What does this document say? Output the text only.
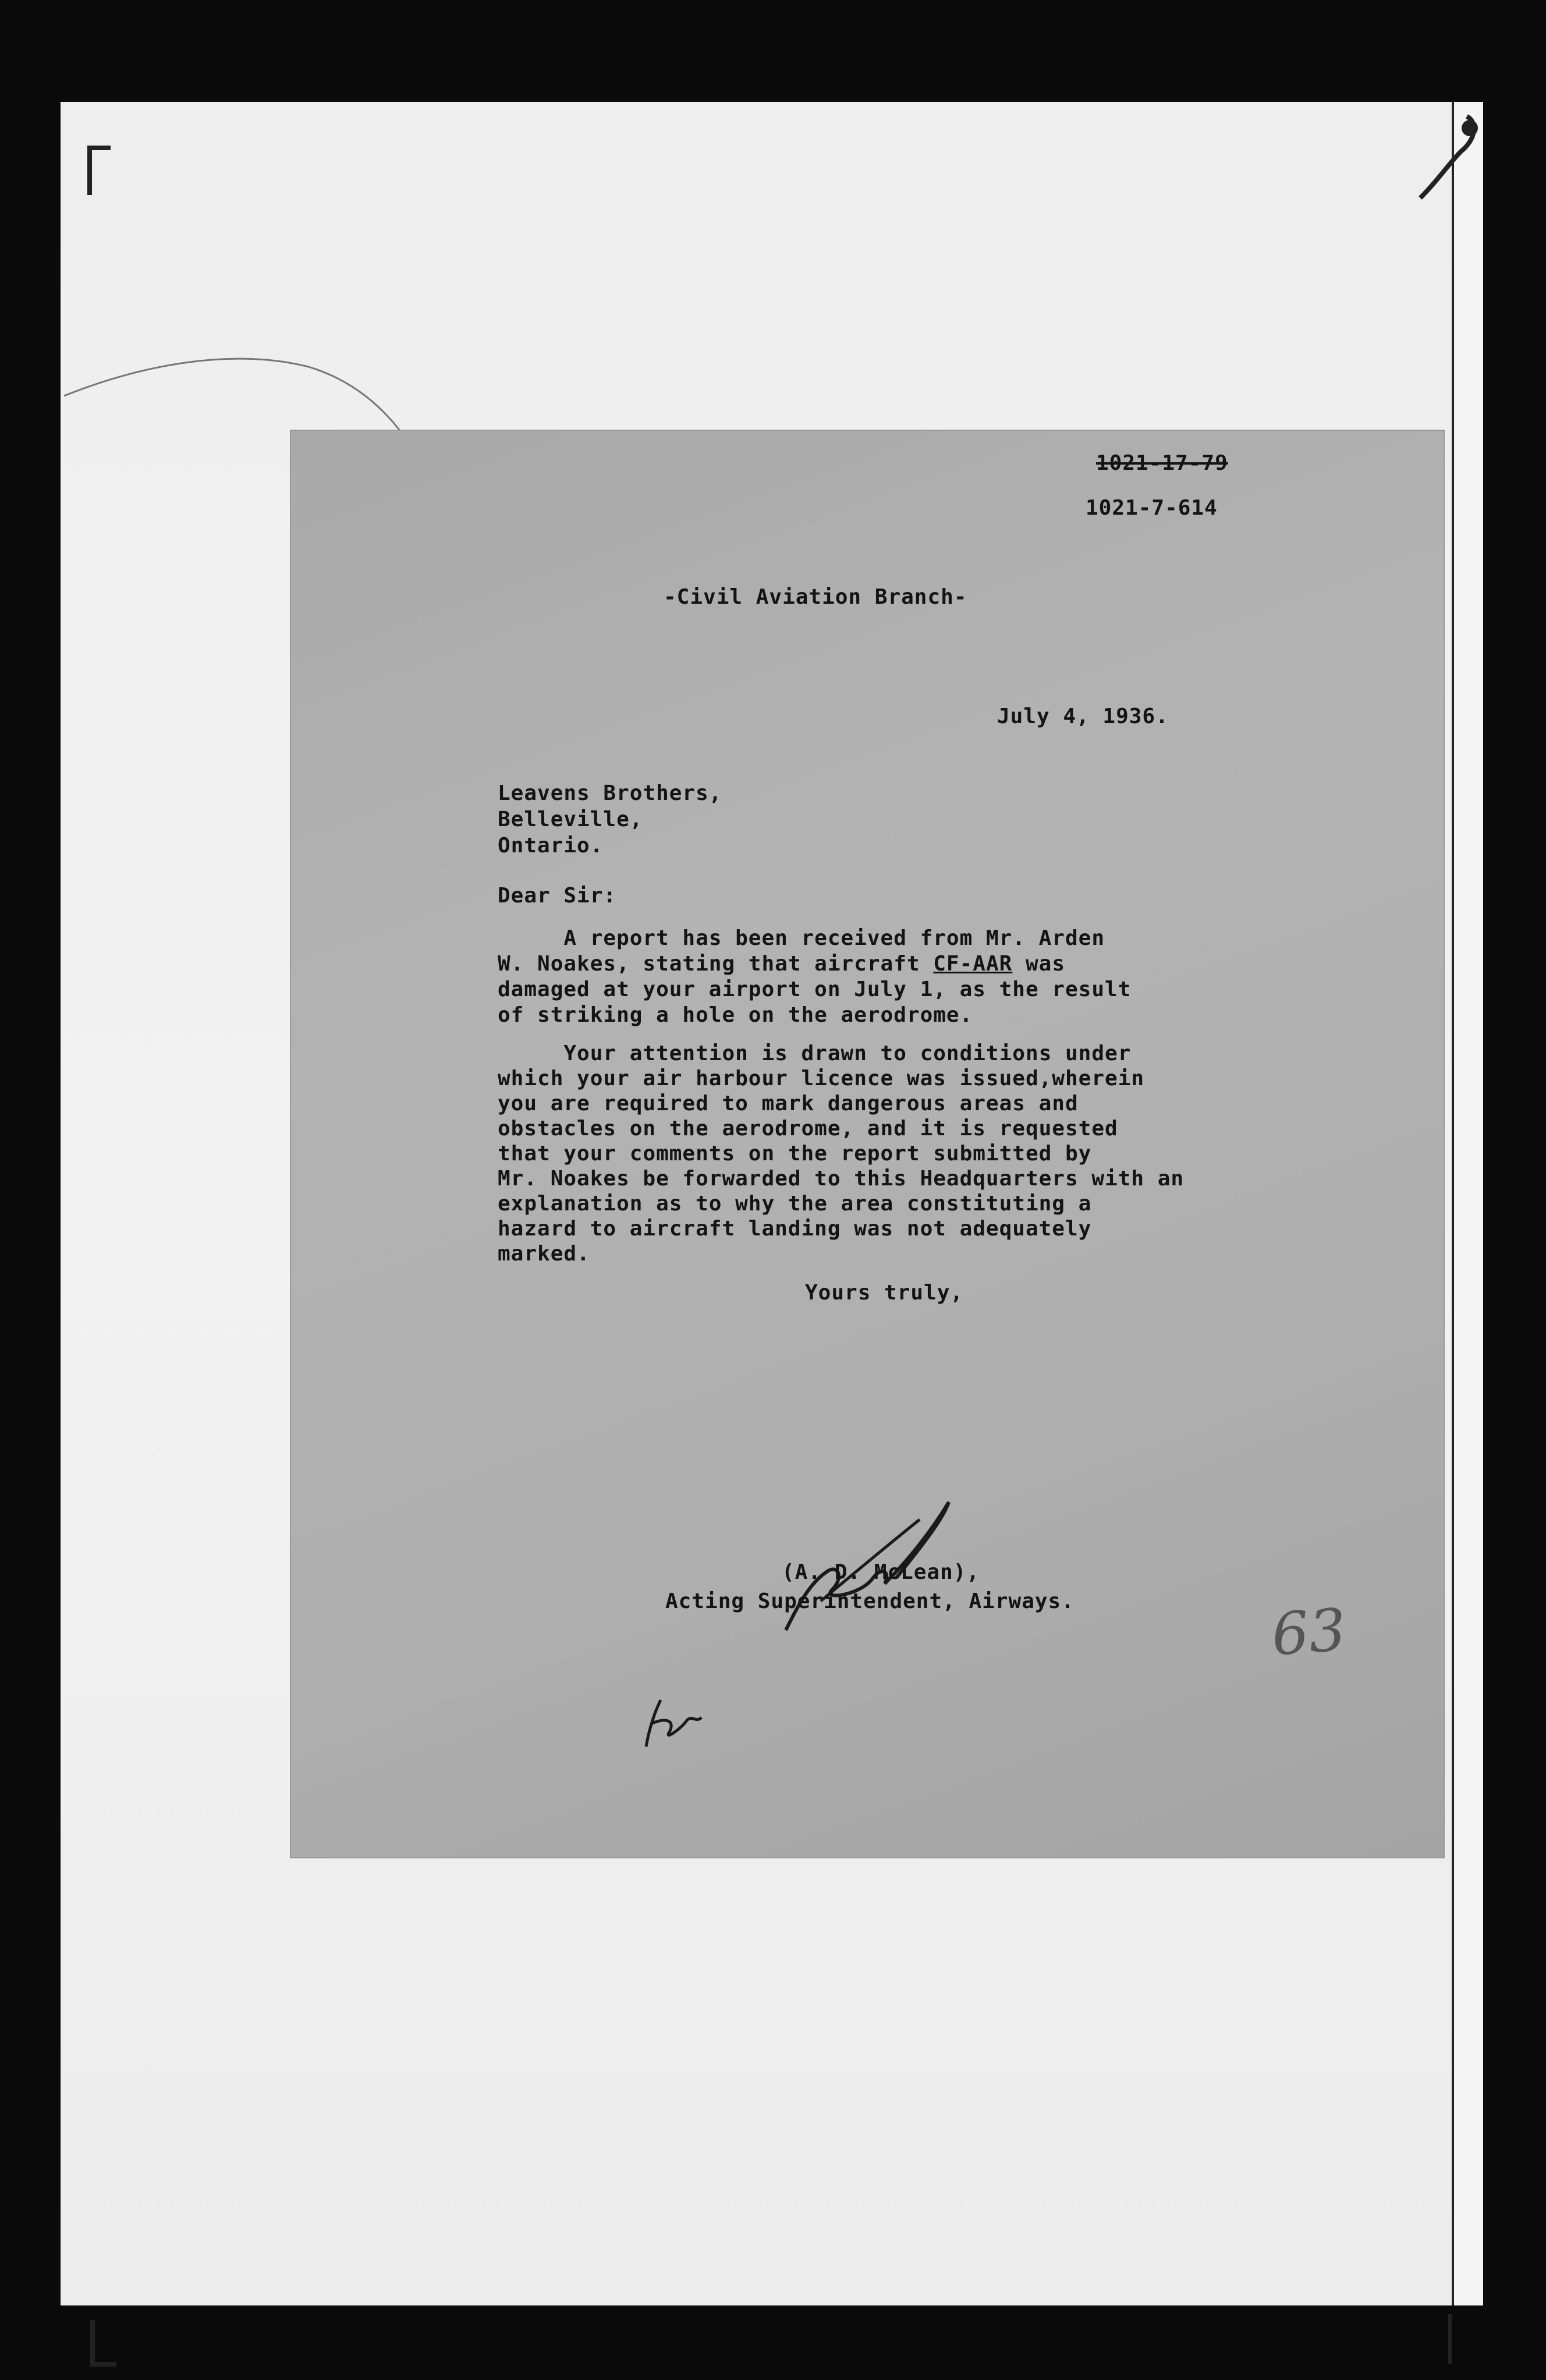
1021-17-79
1021-7-614
-Civil Aviation Branch-
July 4, 1936.
Leavens Brothers,
Belleville,
Ontario.
Dear Sir:
A report has been received from Mr. Arden
W. Noakes, stating that aircraft CF-AAR was
damaged at your airport on July 1, as the result
of striking a hole on the aerodrome.
Your attention is drawn to conditions under
which your air harbour licence was issued,wherein
you are required to mark dangerous areas and
obstacles on the aerodrome, and it is requested
that your comments on the report submitted by
Mr. Noakes be forwarded to this Headquarters with an
explanation as to why the area constituting a
hazard to aircraft landing was not adequately
marked.
Yours truly,
(A. D. McLean),
Acting Superintendent, Airways.	63
